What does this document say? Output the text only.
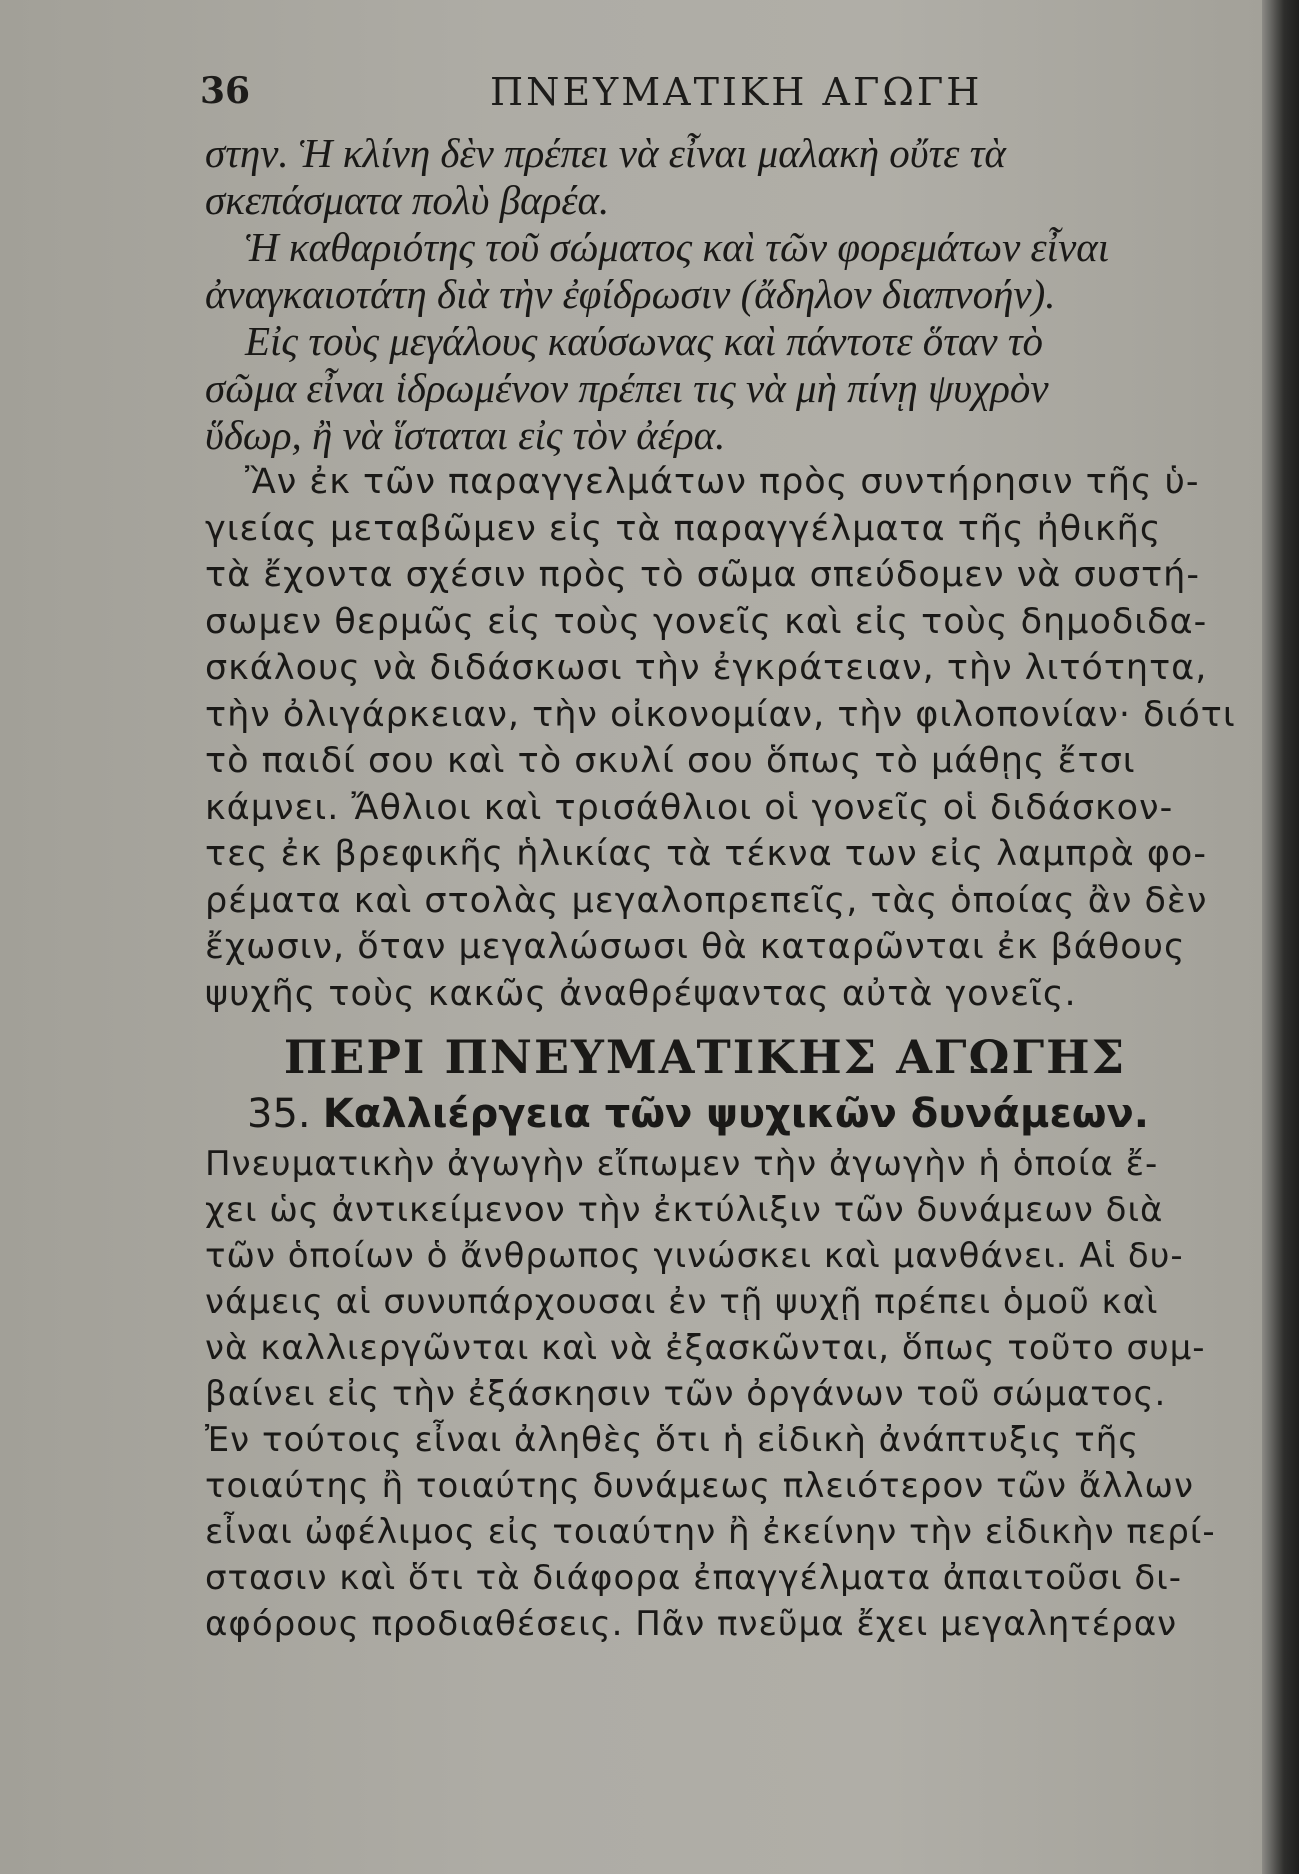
36	ΠΝΕΥΜΑΤΙΚΗ ΑΓΩΓΗ
στην. Ἡ κλίνη δὲν πρέπει νὰ εἶναι μαλακὴ οὔτε τὰ
σκεπάσματα πολὺ βαρέα.
Ἡ καθαριότης τοῦ σώματος καὶ τῶν φορεμάτων εἶναι
ἀναγκαιοτάτη διὰ τὴν ἐφίδρωσιν (ἄδηλον διαπνοήν).
Εἰς τοὺς μεγάλους καύσωνας καὶ πάντοτε ὅταν τὸ
σῶμα εἶναι ἱδρωμένον πρέπει τις νὰ μὴ πίνῃ ψυχρὸν
ὕδωρ, ἢ νὰ ἵσταται εἰς τὸν ἀέρα.
Ἂν ἐκ τῶν παραγγελμάτων πρὸς συντήρησιν τῆς ὑ-
γιείας μεταβῶμεν εἰς τὰ παραγγέλματα τῆς ἠθικῆς
τὰ ἔχοντα σχέσιν πρὸς τὸ σῶμα σπεύδομεν νὰ συστή-
σωμεν θερμῶς εἰς τοὺς γονεῖς καὶ εἰς τοὺς δημοδιδα-
σκάλους νὰ διδάσκωσι τὴν ἐγκράτειαν, τὴν λιτότητα,
τὴν ὀλιγάρκειαν, τὴν οἰκονομίαν, τὴν φιλοπονίαν· διότι
τὸ παιδί σου καὶ τὸ σκυλί σου ὅπως τὸ μάθῃς ἔτσι
κάμνει. Ἄθλιοι καὶ τρισάθλιοι οἱ γονεῖς οἱ διδάσκον-
τες ἐκ βρεφικῆς ἡλικίας τὰ τέκνα των εἰς λαμπρὰ φο-
ρέματα καὶ στολὰς μεγαλοπρεπεῖς, τὰς ὁποίας ἂν δὲν
ἔχωσιν, ὅταν μεγαλώσωσι θὰ καταρῶνται ἐκ βάθους
ψυχῆς τοὺς κακῶς ἀναθρέψαντας αὐτὰ γονεῖς.
ΠΕΡΙ ΠΝΕΥΜΑΤΙΚΗΣ ΑΓΩΓΗΣ
35. Καλλιέργεια τῶν ψυχικῶν δυνάμεων.
Πνευματικὴν ἀγωγὴν εἴπωμεν τὴν ἀγωγὴν ἡ ὁποία ἔ-
χει ὡς ἀντικείμενον τὴν ἐκτύλιξιν τῶν δυνάμεων διὰ
τῶν ὁποίων ὁ ἄνθρωπος γινώσκει καὶ μανθάνει. Αἱ δυ-
νάμεις αἱ συνυπάρχουσαι ἐν τῇ ψυχῇ πρέπει ὁμοῦ καὶ
νὰ καλλιεργῶνται καὶ νὰ ἐξασκῶνται, ὅπως τοῦτο συμ-
βαίνει εἰς τὴν ἐξάσκησιν τῶν ὀργάνων τοῦ σώματος.
Ἐν τούτοις εἶναι ἀληθὲς ὅτι ἡ εἰδικὴ ἀνάπτυξις τῆς
τοιαύτης ἢ τοιαύτης δυνάμεως πλειότερον τῶν ἄλλων
εἶναι ὠφέλιμος εἰς τοιαύτην ἢ ἐκείνην τὴν εἰδικὴν περί-
στασιν καὶ ὅτι τὰ διάφορα ἐπαγγέλματα ἀπαιτοῦσι δι-
αφόρους προδιαθέσεις. Πᾶν πνεῦμα ἔχει μεγαλητέραν
